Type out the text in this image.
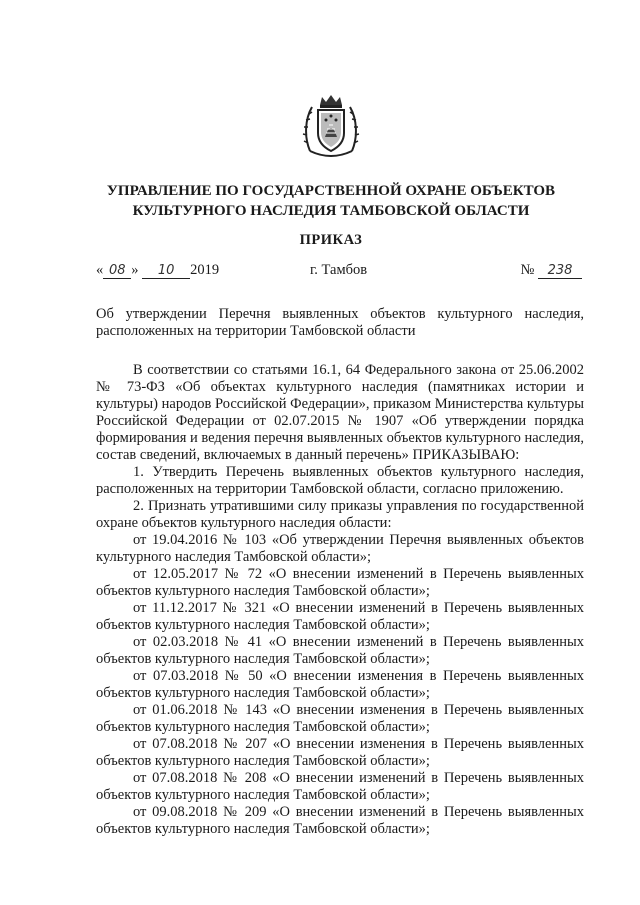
УПРАВЛЕНИЕ ПО ГОСУДАРСТВЕННОЙ ОХРАНЕ ОБЪЕКТОВ
КУЛЬТУРНОГО НАСЛЕДИЯ ТАМБОВСКОЙ ОБЛАСТИ
ПРИКАЗ
« 08 » 10 2019	г. Тамбов	№ 238
Об утверждении Перечня выявленных объектов культурного наследия, расположенных на территории Тамбовской области

В соответствии со статьями 16.1, 64 Федерального закона от 25.06.2002 № 73-ФЗ «Об объектах культурного наследия (памятниках истории и культуры) народов Российской Федерации», приказом Министерства культуры Российской Федерации от 02.07.2015 № 1907 «Об утверждении порядка формирования и ведения перечня выявленных объектов культурного наследия, состав сведений, включаемых в данный перечень» ПРИКАЗЫВАЮ:

1. Утвердить Перечень выявленных объектов культурного наследия, расположенных на территории Тамбовской области, согласно приложению.

2. Признать утратившими силу приказы управления по государственной охране объектов культурного наследия области:

от 19.04.2016 № 103 «Об утверждении Перечня выявленных объектов культурного наследия Тамбовской области»;

от 12.05.2017 № 72 «О внесении изменений в Перечень выявленных объектов культурного наследия Тамбовской области»;

от 11.12.2017 № 321 «О внесении изменений в Перечень выявленных объектов культурного наследия Тамбовской области»;

от 02.03.2018 № 41 «О внесении изменений в Перечень выявленных объектов культурного наследия Тамбовской области»;

от 07.03.2018 № 50 «О внесении изменения в Перечень выявленных объектов культурного наследия Тамбовской области»;

от 01.06.2018 № 143 «О внесении изменения в Перечень выявленных объектов культурного наследия Тамбовской области»;

от 07.08.2018 № 207 «О внесении изменения в Перечень выявленных объектов культурного наследия Тамбовской области»;

от 07.08.2018 № 208 «О внесении изменений в Перечень выявленных объектов культурного наследия Тамбовской области»;

от 09.08.2018 № 209 «О внесении изменений в Перечень выявленных объектов культурного наследия Тамбовской области»;
